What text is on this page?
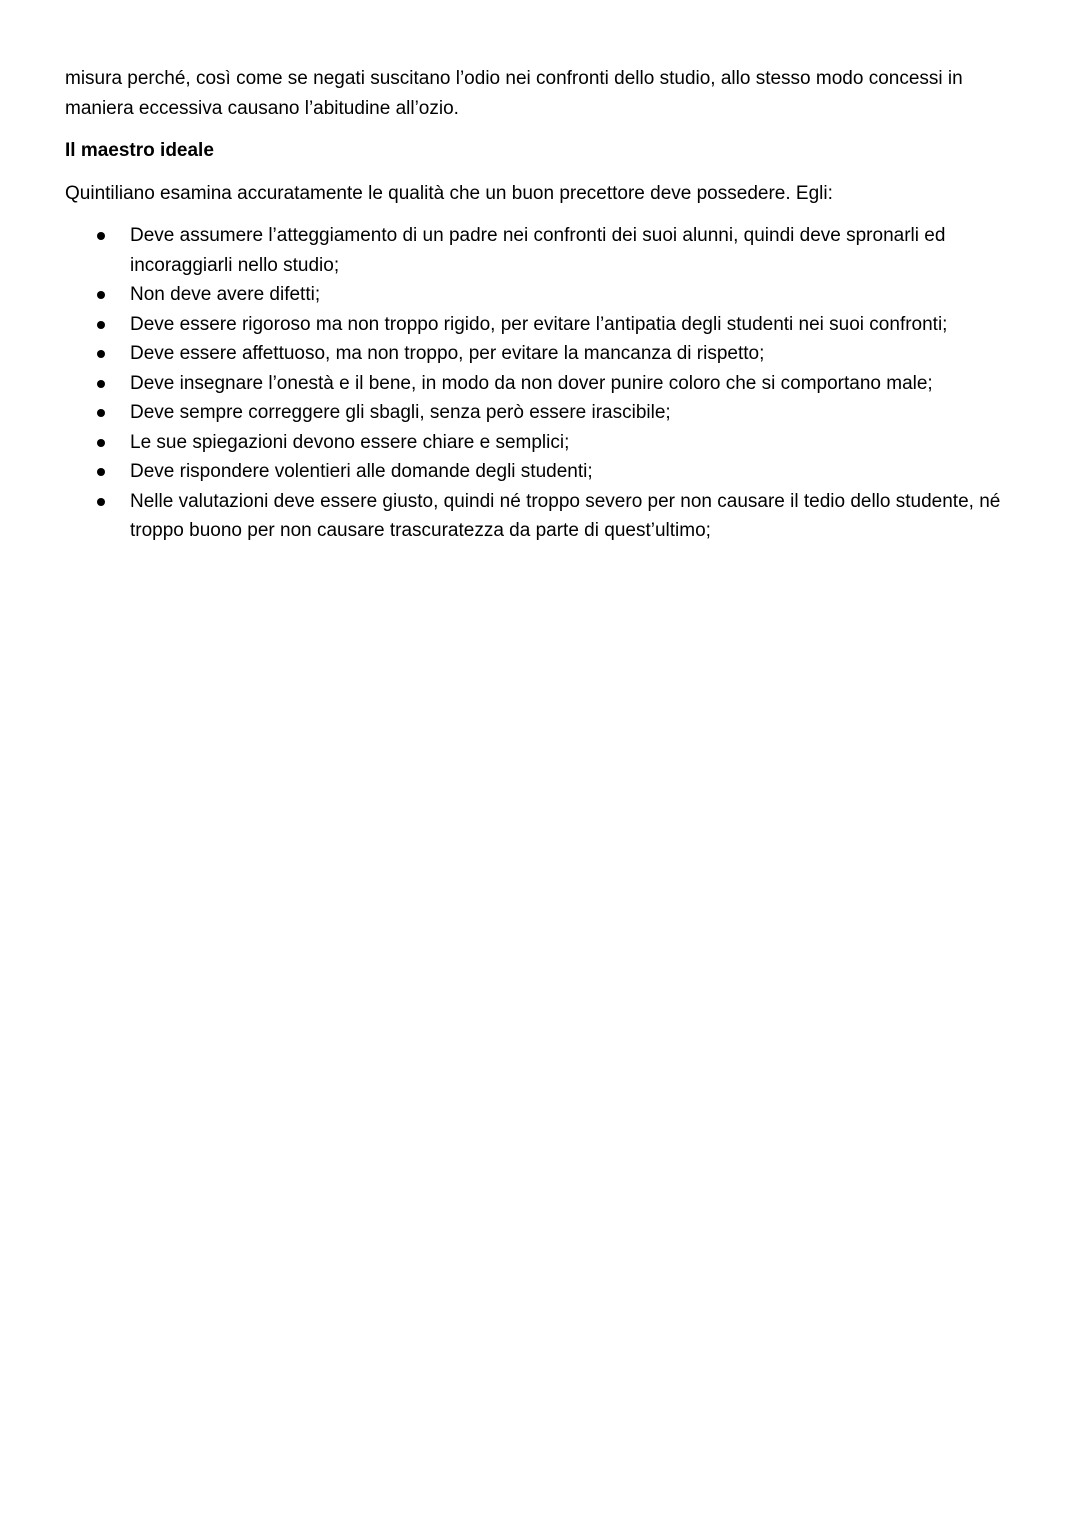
misura perché, così come se negati suscitano l’odio nei confronti dello studio, allo stesso modo concessi in maniera eccessiva causano l’abitudine all’ozio.

Il maestro ideale

Quintiliano esamina accuratamente le qualità che un buon precettore deve possedere. Egli:

Deve assumere l’atteggiamento di un padre nei confronti dei suoi alunni, quindi deve spronarli ed incoraggiarli nello studio;
Non deve avere difetti;
Deve essere rigoroso ma non troppo rigido, per evitare l’antipatia degli studenti nei suoi confronti;
Deve essere affettuoso, ma non troppo, per evitare la mancanza di rispetto;
Deve insegnare l’onestà e il bene, in modo da non dover punire coloro che si comportano male;
Deve sempre correggere gli sbagli, senza però essere irascibile;
Le sue spiegazioni devono essere chiare e semplici;
Deve rispondere volentieri alle domande degli studenti;
Nelle valutazioni deve essere giusto, quindi né troppo severo per non causare il tedio dello studente, né troppo buono per non causare trascuratezza da parte di quest’ultimo;
